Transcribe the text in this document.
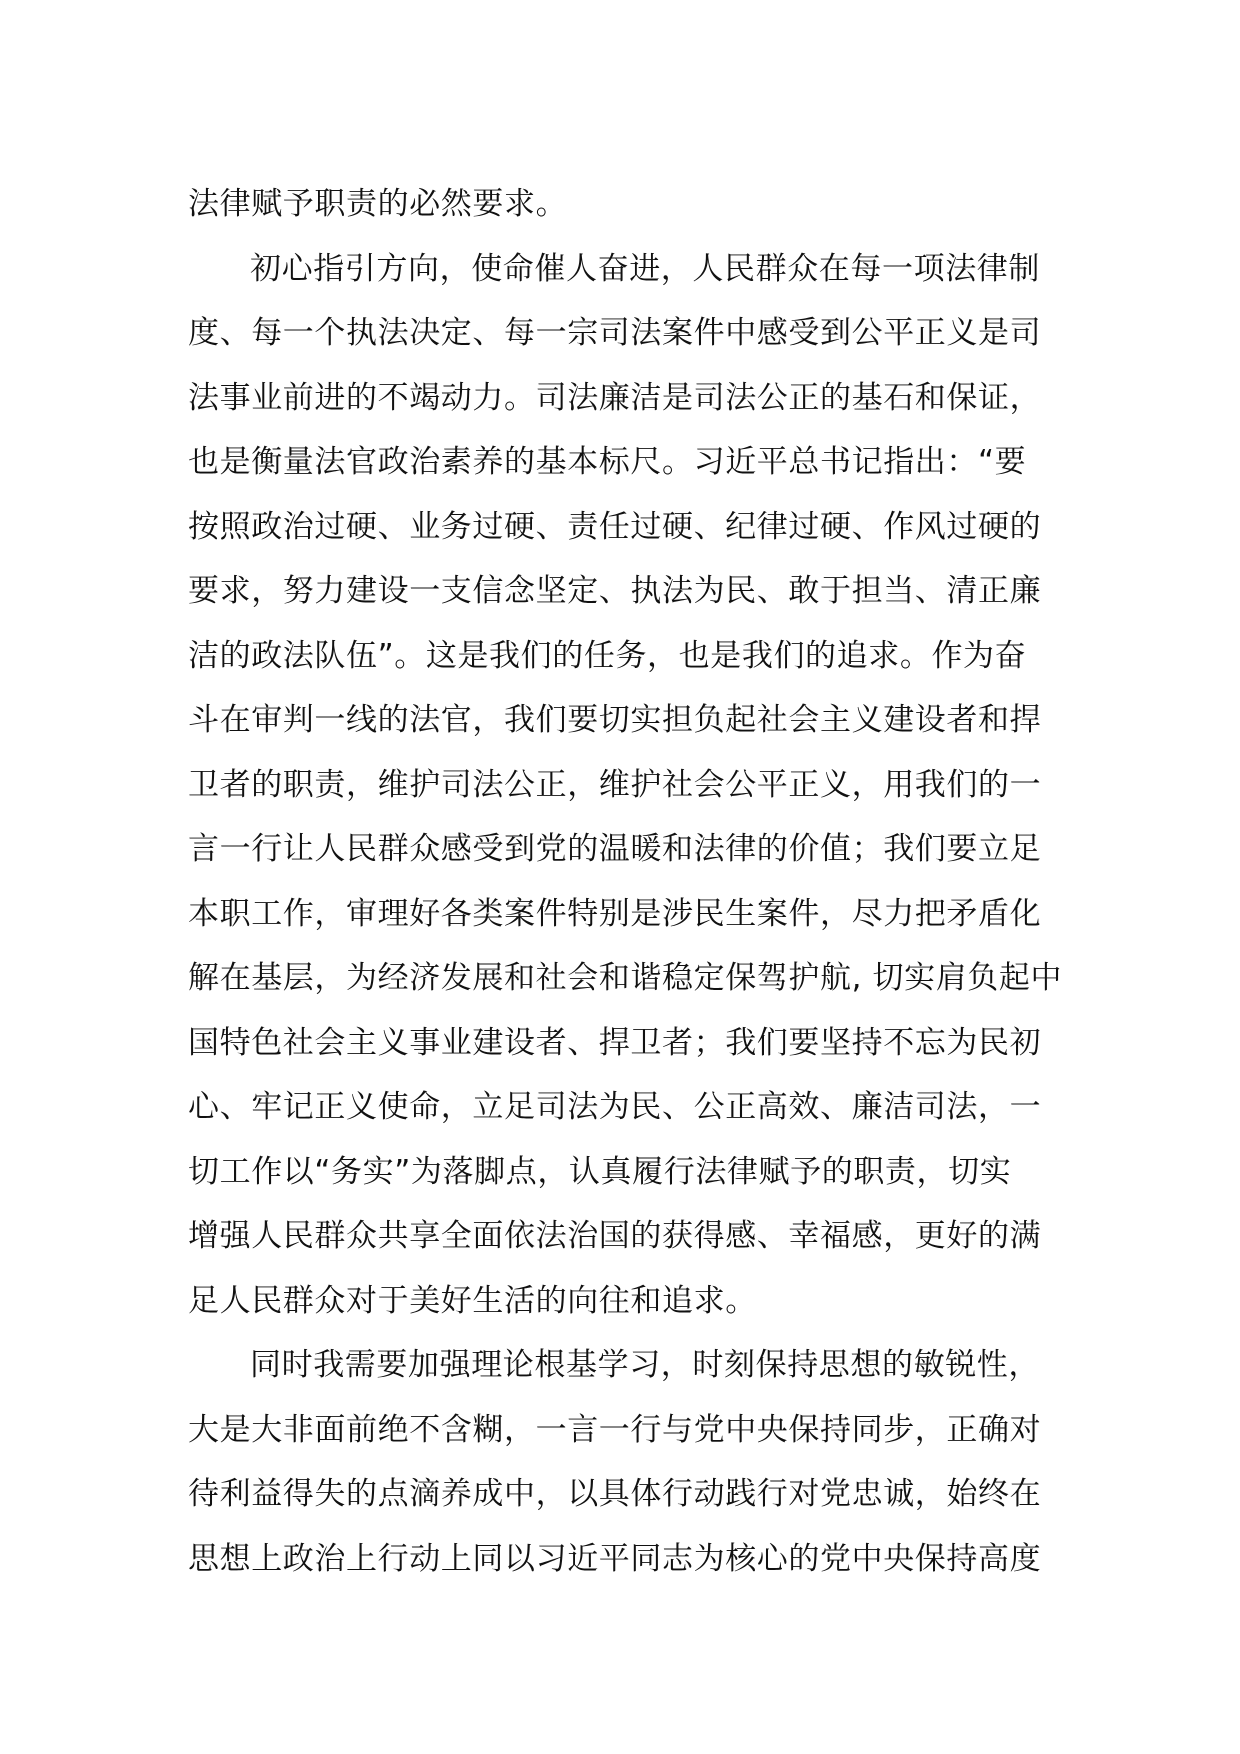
法律赋予职责的必然要求。
初心指引方向，使命催人奋进，人民群众在每一项法律制
度、每一个执法决定、每一宗司法案件中感受到公平正义是司
法事业前进的不竭动力。司法廉洁是司法公正的基石和保证，
也是衡量法官政治素养的基本标尺。习近平总书记指出：“要
按照政治过硬、业务过硬、责任过硬、纪律过硬、作风过硬的
要求，努力建设一支信念坚定、执法为民、敢于担当、清正廉
洁的政法队伍”。这是我们的任务，也是我们的追求。作为奋
斗在审判一线的法官，我们要切实担负起社会主义建设者和捍
卫者的职责，维护司法公正，维护社会公平正义，用我们的一
言一行让人民群众感受到党的温暖和法律的价值；我们要立足
本职工作，审理好各类案件特别是涉民生案件，尽力把矛盾化
解在基层，为经济发展和社会和谐稳定保驾护航, 切实肩负起中
国特色社会主义事业建设者、捍卫者；我们要坚持不忘为民初
心、牢记正义使命，立足司法为民、公正高效、廉洁司法，一
切工作以“务实”为落脚点，认真履行法律赋予的职责，切实
增强人民群众共享全面依法治国的获得感、幸福感，更好的满
足人民群众对于美好生活的向往和追求。
同时我需要加强理论根基学习，时刻保持思想的敏锐性，
大是大非面前绝不含糊，一言一行与党中央保持同步，正确对
待利益得失的点滴养成中，以具体行动践行对党忠诚，始终在
思想上政治上行动上同以习近平同志为核心的党中央保持高度
